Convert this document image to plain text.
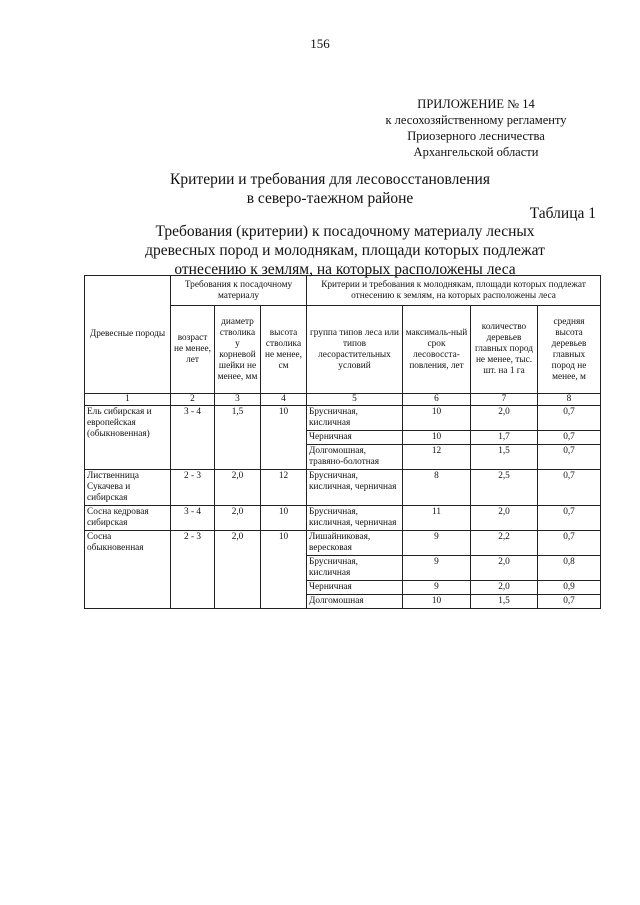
156
ПРИЛОЖЕНИЕ № 14
к лесохозяйственному регламенту
Приозерного лесничества
Архангельской области
Критерии и требования для лесовосстановления
в северо-таежном районе
Таблица 1
Требования (критерии) к посадочному материалу лесных
древесных пород и молоднякам, площади которых подлежат
отнесению к землям, на которых расположены леса
Древесные породы	Требования к посадочному материалу			Критерии и требования к молоднякам, площади которых подлежат отнесению к землям, на которых расположены леса			
	возраст не менее, лет	диаметр стволика у корневой шейки не менее, мм	высота стволика не менее, см	группа типов леса или типов лесорастительных условий	максималь-ный срок лесовосста-повления, лет	количество деревьев главных пород не менее, тыс. шт. на 1 га	средняя высота деревьев главных пород не менее, м
1	2	3	4	5	6	7	8
Ель сибирская и европейская (обыкновенная)	3 - 4	1,5	10	Брусничная, кисличная	10	2,0	0,7
				Черничная	10	1,7	0,7
				Долгомошная, травяно-болотная	12	1,5	0,7
Лиственница Сукачева и сибирская	2 - 3	2,0	12	Брусничная, кисличная, черничная	8	2,5	0,7
Сосна кедровая сибирская	3 - 4	2,0	10	Брусничная, кисличная, черничная	11	2,0	0,7
Сосна обыкновенная	2 - 3	2,0	10	Лишайниковая, вересковая	9	2,2	0,7
				Брусничная, кисличная	9	2,0	0,8
				Черничная	9	2,0	0,9
				Долгомошная	10	1,5	0,7
